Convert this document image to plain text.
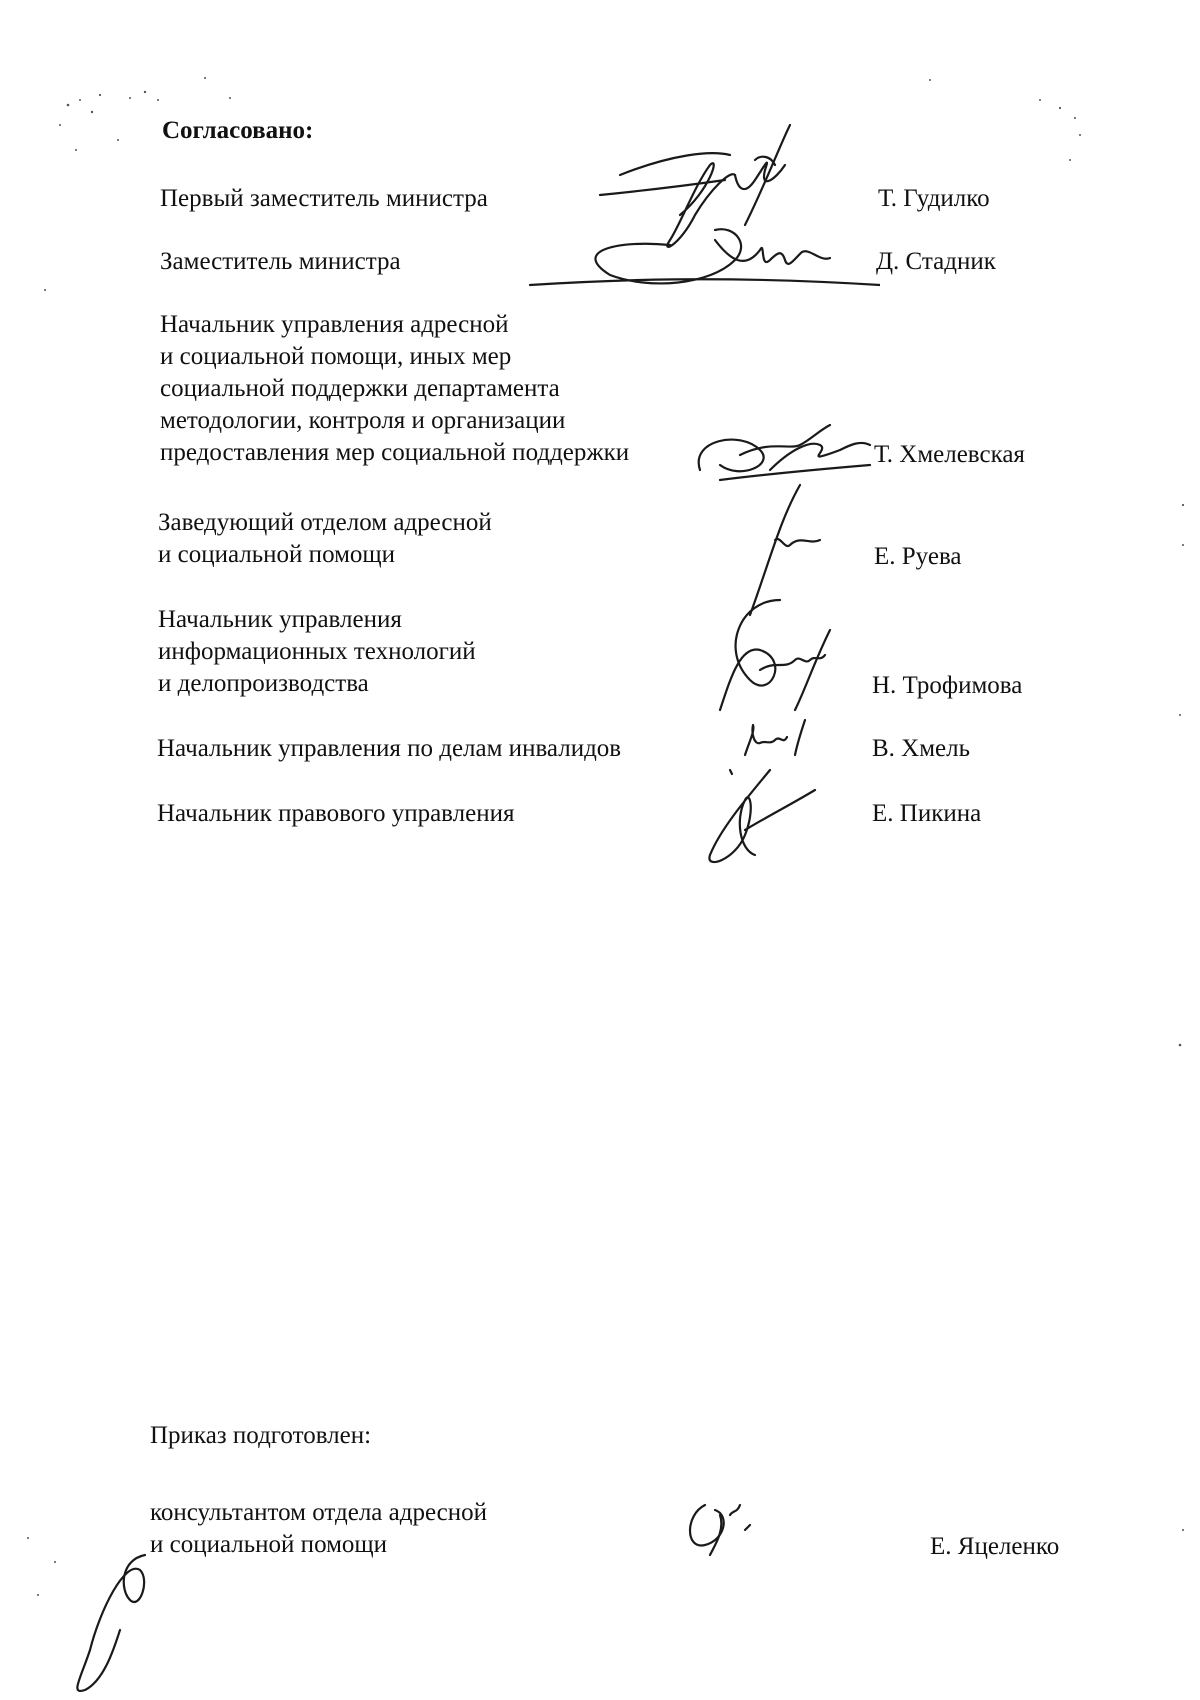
Согласовано:
Первый заместитель министра	Т. Гудилко
Заместитель министра	Д. Стадник
Начальник управления адресной
и социальной помощи, иных мер
социальной поддержки департамента
методологии, контроля и организации
предоставления мер социальной поддержки	Т. Хмелевская
Заведующий отделом адресной
и социальной помощи	Е. Руева
Начальник управления
информационных технологий
и делопроизводства	Н. Трофимова
Начальник управления по делам инвалидов	В. Хмель
Начальник правового управления	Е. Пикина
Приказ подготовлен:
консультантом отдела адресной
и социальной помощи	Е. Яцеленко
